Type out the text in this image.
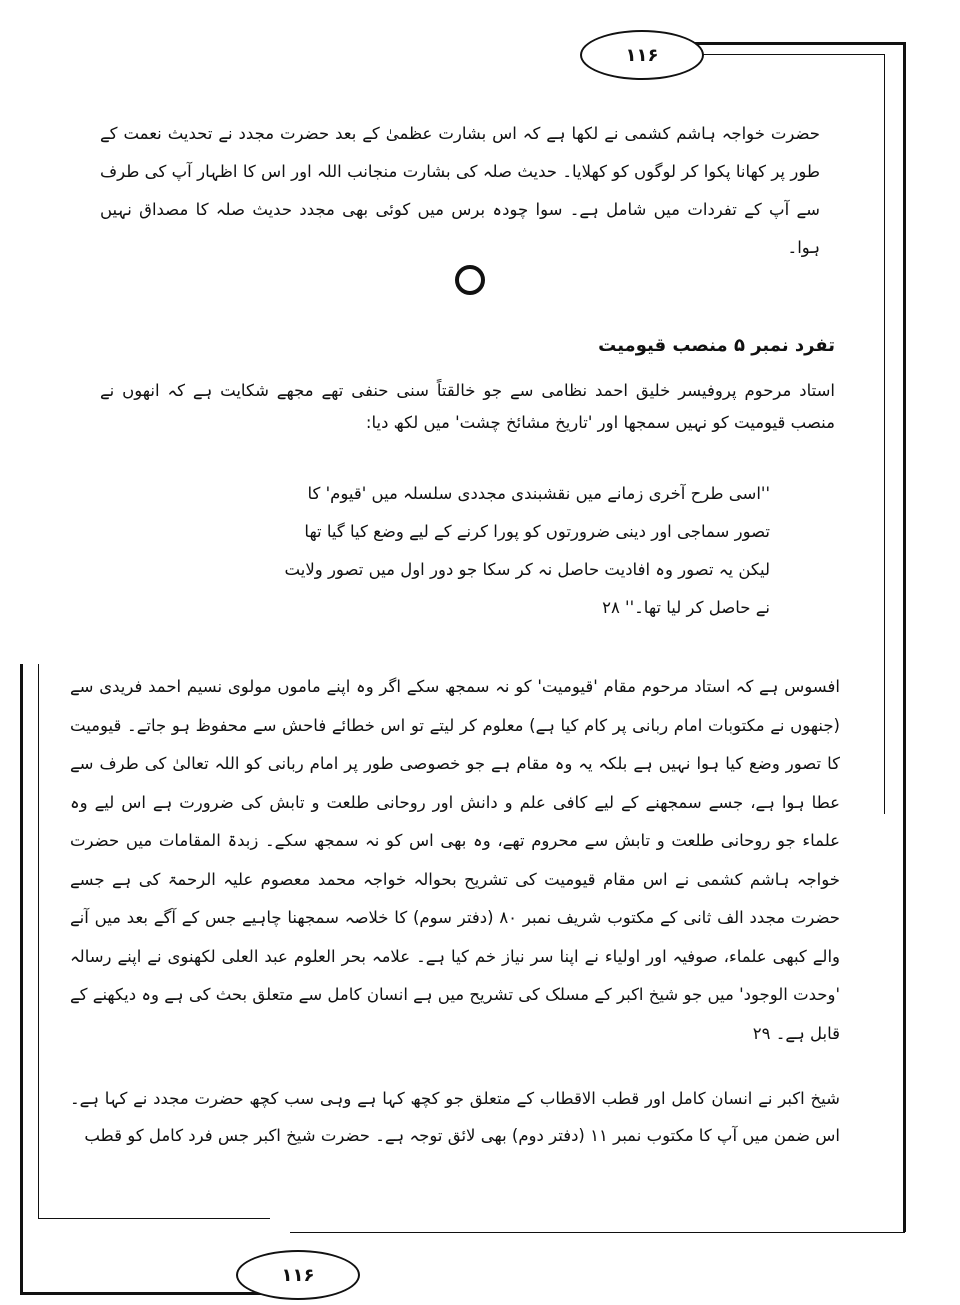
۱۱۶

حضرت خواجہ ہاشم کشمی نے لکھا ہے کہ اس بشارت عظمیٰ کے بعد حضرت مجدد نے تحدیث نعمت کے طور پر کھانا پکوا کر لوگوں کو کھلایا۔ حدیث صلہ کی بشارت منجانب اللہ اور اس کا اظہار آپ کی طرف سے آپ کے تفردات میں شامل ہے۔ سوا چودہ برس میں کوئی بھی مجدد حدیث صلہ کا مصداق نہیں ہوا۔

تفرد نمبر ۵ منصب قیومیت

استاد مرحوم پروفیسر خلیق احمد نظامی سے جو خالقتاً سنی حنفی تھے مجھے شکایت ہے کہ انھوں نے منصب قیومیت کو نہیں سمجھا اور 'تاریخ مشائخ چشت' میں لکھ دیا:

''اسی طرح آخری زمانے میں نقشبندی مجددی سلسلہ میں 'قیوم' کا
تصور سماجی اور دینی ضرورتوں کو پورا کرنے کے لیے وضع کیا گیا تھا
لیکن یہ تصور وہ افادیت حاصل نہ کر سکا جو دور اول میں تصور ولایت
نے حاصل کر لیا تھا۔'' ۲۸

افسوس ہے کہ استاد مرحوم مقام 'قیومیت' کو نہ سمجھ سکے اگر وہ اپنے ماموں مولوی نسیم احمد فریدی سے (جنھوں نے مکتوبات امام ربانی پر کام کیا ہے) معلوم کر لیتے تو اس خطائے فاحش سے محفوظ ہو جاتے۔ قیومیت کا تصور وضع کیا ہوا نہیں ہے بلکہ یہ وہ مقام ہے جو خصوصی طور پر امام ربانی کو اللہ تعالیٰ کی طرف سے عطا ہوا ہے، جسے سمجھنے کے لیے کافی علم و دانش اور روحانی طلعت و تابش کی ضرورت ہے اس لیے وہ علماء جو روحانی طلعت و تابش سے محروم تھے، وہ بھی اس کو نہ سمجھ سکے۔ زبدۃ المقامات میں حضرت خواجہ ہاشم کشمی نے اس مقام قیومیت کی تشریح بحوالہ خواجہ محمد معصوم علیہ الرحمۃ کی ہے جسے حضرت مجدد الف ثانی کے مکتوب شریف نمبر ۸۰ (دفتر سوم) کا خلاصہ سمجھنا چاہیے جس کے آگے بعد میں آنے والے کبھی علماء، صوفیہ اور اولیاء نے اپنا سر نیاز خم کیا ہے۔ علامہ بحر العلوم عبد العلی لکھنوی نے اپنے رسالہ 'وحدت الوجود' میں جو شیخ اکبر کے مسلک کی تشریح میں ہے انسان کامل سے متعلق بحث کی ہے وہ دیکھنے کے قابل ہے۔ ۲۹

شیخ اکبر نے انسان کامل اور قطب الاقطاب کے متعلق جو کچھ کہا ہے وہی سب کچھ حضرت مجدد نے کہا ہے۔ اس ضمن میں آپ کا مکتوب نمبر ۱۱ (دفتر دوم) بھی لائق توجہ ہے۔ حضرت شیخ اکبر جس فرد کامل کو قطب

۱۱۶
